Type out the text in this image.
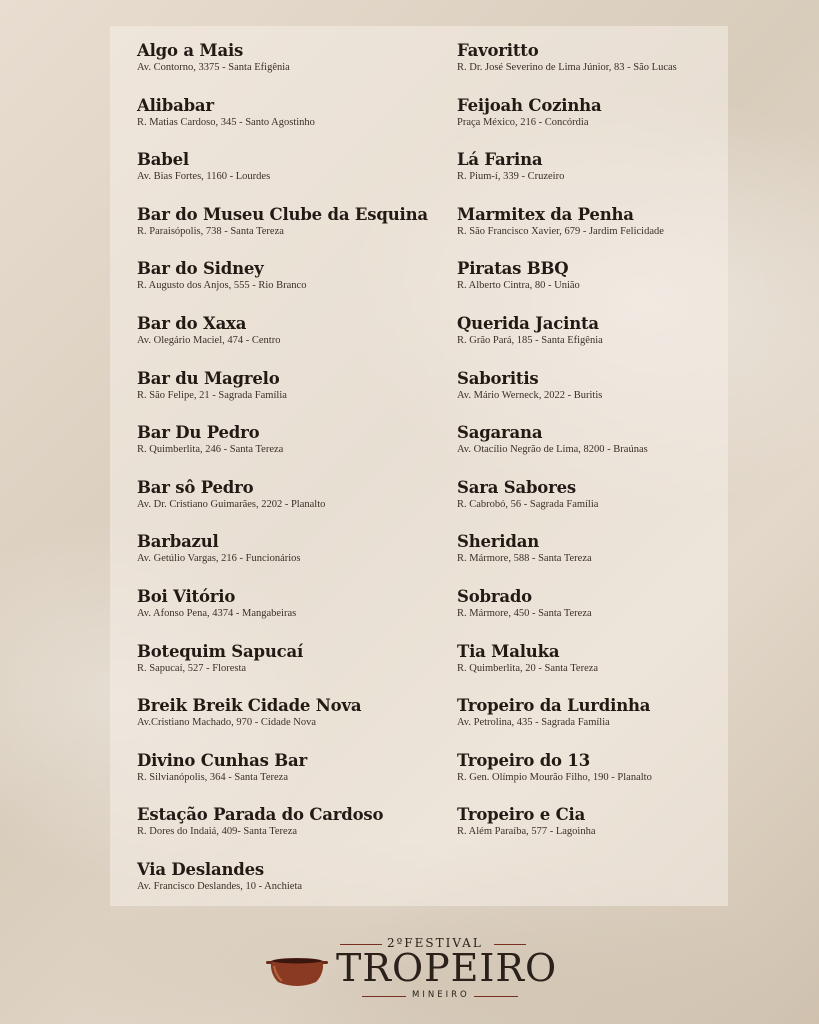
Algo a Mais
Av. Contorno, 3375 - Santa Efigênia
Alibabar
R. Matias Cardoso, 345 - Santo Agostinho
Babel
Av. Bias Fortes, 1160 - Lourdes
Bar do Museu Clube da Esquina
R. Paraisópolis, 738 - Santa Tereza
Bar do Sidney
R. Augusto dos Anjos, 555 - Rio Branco
Bar do Xaxa
Av. Olegário Maciel, 474 - Centro
Bar du Magrelo
R. São Felipe, 21 - Sagrada Família
Bar Du Pedro
R. Quimberlita, 246 - Santa Tereza
Bar sô Pedro
Av. Dr. Cristiano Guimarães, 2202 - Planalto
Barbazul
Av. Getúlio Vargas, 216 - Funcionários
Boi Vitório
Av. Afonso Pena, 4374 - Mangabeiras
Botequim Sapucaí
R. Sapucaí, 527 - Floresta
Breik Breik Cidade Nova
Av.Cristiano Machado, 970 - Cidade Nova
Divino Cunhas Bar
R. Silvianópolis, 364 - Santa Tereza
Estação Parada do Cardoso
R. Dores do Indaiá, 409- Santa Tereza
Via Deslandes
Av. Francisco Deslandes, 10 - Anchieta
Favoritto
R. Dr. José Severino de Lima Júnior, 83 - São Lucas
Feijoah Cozinha
Praça México, 216 - Concórdia
Lá Farina
R. Pium-í, 339 - Cruzeiro
Marmitex da Penha
R. São Francisco Xavier, 679 - Jardim Felicidade
Piratas BBQ
R. Alberto Cintra, 80 - União
Querida Jacinta
R. Grão Pará, 185 - Santa Efigênia
Saboritis
Av. Mário Werneck, 2022 - Buritis
Sagarana
Av. Otacílio Negrão de Lima, 8200 - Braúnas
Sara Sabores
R. Cabrobó, 56 - Sagrada Família
Sheridan
R. Mármore, 588 - Santa Tereza
Sobrado
R. Mármore, 450 - Santa Tereza
Tia Maluka
R. Quimberlita, 20 - Santa Tereza
Tropeiro da Lurdinha
Av. Petrolina, 435 - Sagrada Família
Tropeiro do 13
R. Gen. Olímpio Mourão Filho, 190 - Planalto
Tropeiro e Cia
R. Além Paraíba, 577 - Lagoinha
2ºFESTIVAL
TROPEIRO
MINEIRO
